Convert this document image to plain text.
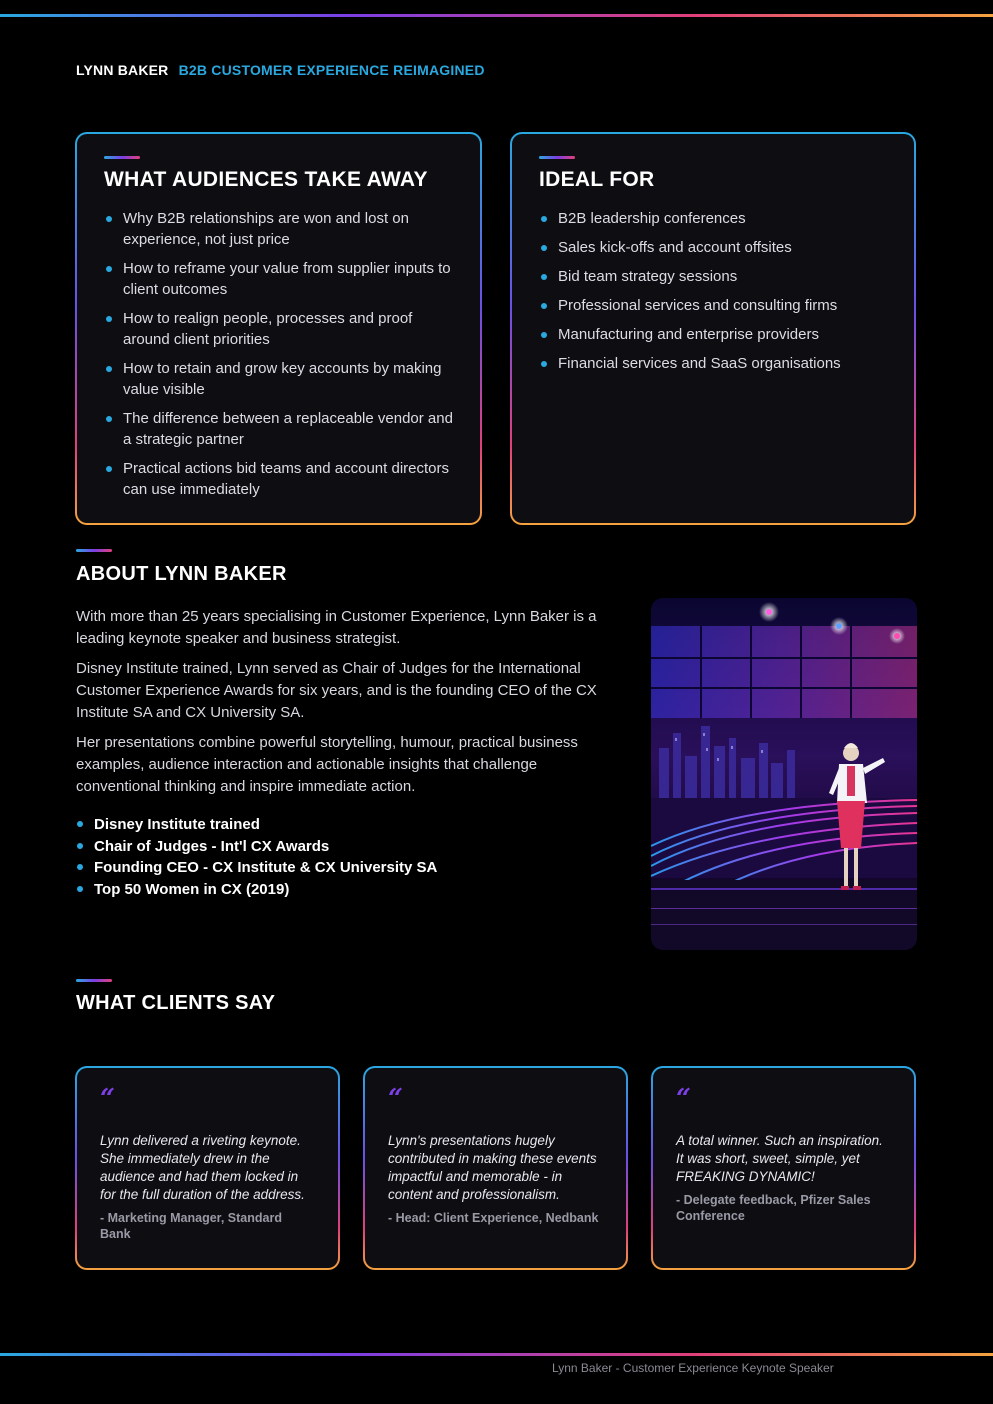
LYNN BAKER B2B CUSTOMER EXPERIENCE REIMAGINED
WHAT AUDIENCES TAKE AWAY
Why B2B relationships are won and lost on experience, not just price
How to reframe your value from supplier inputs to client outcomes
How to realign people, processes and proof around client priorities
How to retain and grow key accounts by making value visible
The difference between a replaceable vendor and a strategic partner
Practical actions bid teams and account directors can use immediately
IDEAL FOR
B2B leadership conferences
Sales kick-offs and account offsites
Bid team strategy sessions
Professional services and consulting firms
Manufacturing and enterprise providers
Financial services and SaaS organisations
ABOUT LYNN BAKER

With more than 25 years specialising in Customer Experience, Lynn Baker is a leading keynote speaker and business strategist.

Disney Institute trained, Lynn served as Chair of Judges for the International Customer Experience Awards for six years, and is the founding CEO of the CX Institute SA and CX University SA.

Her presentations combine powerful storytelling, humour, practical business examples, audience interaction and actionable insights that challenge conventional thinking and inspire immediate action.

Disney Institute trained
Chair of Judges - Int'l CX Awards
Founding CEO - CX Institute & CX University SA
Top 50 Women in CX (2019)
WHAT CLIENTS SAY
“
Lynn delivered a riveting keynote. She immediately drew in the audience and had them locked in for the full duration of the address.
- Marketing Manager, Standard Bank
“
Lynn's presentations hugely contributed in making these events impactful and memorable - in content and professionalism.
- Head: Client Experience, Nedbank
“
A total winner. Such an inspiration. It was short, sweet, simple, yet FREAKING DYNAMIC!
- Delegate feedback, Pfizer Sales Conference
Lynn Baker - Customer Experience Keynote Speaker
